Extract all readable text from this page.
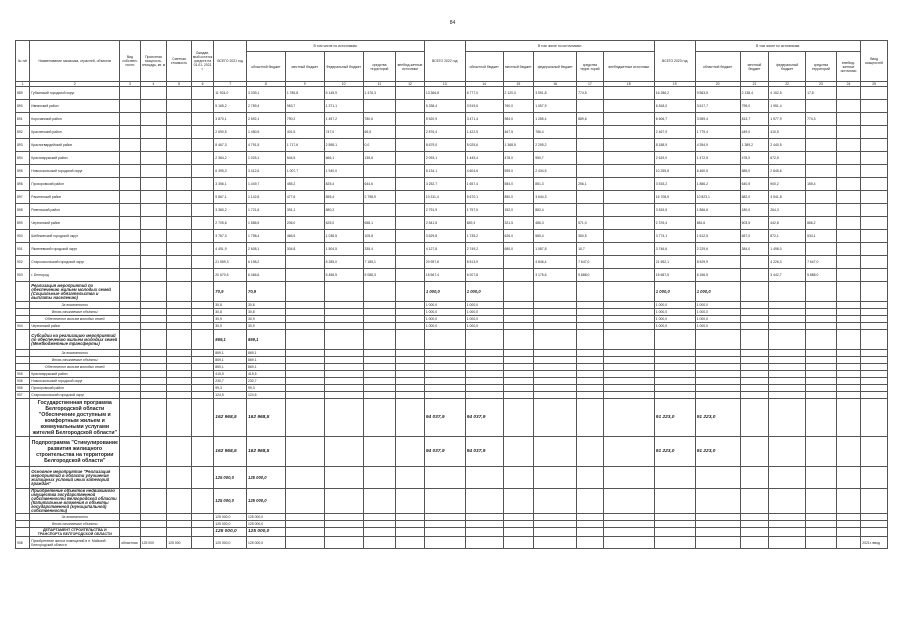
84
№ п/п	Наименование заказчика, отраслей, объектов	Вид собствен-ности	Проектная мощность, площадь, кв. м	Сметная стоимость	Ожидае-мый остаток средств на 01.01. 2021 г.	ВСЕГО 2021 год	В том числе по источникам:					ВСЕГО 2022 год	В том числе по источникам:					ВСЕГО 2023 год	В том числе по источникам:					Ввод мощностей
							областной бюджет	местный бюджет	Федеральный бюджет	средства территорий	внебюд-жетные источники		областной бюджет	местный бюджет	федеральный бюджет	средства терри-торий	внебюджетные источники		областной бюджет	местный бюджет	федеральный бюджет	средства территорий	внебюд-жетные источники	
1	2	3	4	5	6	7	8	9	10	11	12	13	14	15	16	17	18	19	20	21	22	23	24	25
889	Губкинский городской округ					11 924,0	3 339,1	1 785,8	5 145,9	1 476,3		13 366,8	6 777,0	2 120,0	3 591,8	774,5		16 286,2	9 563,5	2 138,4	4 152,5	17,8		
890	Ивнянский район					5 165,2	2 789,4	963,7	1 371,1			5 338,4	3 519,6	760,0	1 057,9			6 818,0	3 617,7	795,0	1 951,4			
891	Корочанский район					3 870,1	2 592,1	790,2	1 457,2	780,6		5 520,9	3 471,4	984,0	1 285,4	889,6		6 606,7	3 559,4	813,7	1 577,9	774,3		
892	Красненский район					2 690,5	1 480,5	401,5	747,0	65,5		2 876,4	1 422,5	467,5	786,4			2 467,9	1 779,4	449,0	410,5			
893	Красногвардейский район					8 467,3	4 791,5	1 717,6	2 598,1	0,0		8 679,0	5 025,6	1 368,5	2 295,2			8 188,9	4 354,9	1 389,2	2 440,5			
894	Краснояружский район					2 384,2	1 025,1	544,5	666,1	135,6		2 093,1	1 445,4	478,0	950,7			2 619,0	1 472,5	478,0	672,5			
895	Новооскольский городской округ					6 395,3	3 412,6	1 007,7	1 940,0			8 134,1	4 604,6	595,0	2 434,5			10 255,8	6 460,5	885,0	2 845,6			
896	Прохоровский район					3 356,1	1 449,7	455,2	825,4	644,6		3 252,7	1 657,4	584,0	851,3	256,1		3 515,2	1 886,2	640,5	900,2	155,4		
897	Ракитянский район					5 867,1	1 142,8	477,6	855,4	2 798,9		10 311,4	5 670,1	850,0	3 644,3			16 708,5	10 823,1	882,0	4 541,8			
898	Ровеньский район					3 380,2	1 721,6	391,1	880,2			2 791,9	1 757,5	152,0	882,4			3 815,5	1 866,6	180,0	264,3			
899	Чернянский район					2 705,6	1 586,5	206,0	625,0	658,1		2 541,5	849,3	321,5	486,3	571,0		2 376,4	681,6	503,5	442,8	866,2		
900	Шебекинский городской округ					3 767,3	1 798,4	466,5	1 038,5	105,8		3 629,8	1 735,2	626,0	580,4	360,5		3 774,1	1 612,5	657,0	872,1	534,1		
901	Яковлевский городской округ					4 451,9	2 608,1	304,8	1 504,5	335,4		4 127,8	2 749,2	680,0	1 087,8	10,7		3 746,6	2 229,6	384,0	1 498,0			
902	Старооскольский городской округ					21 559,3	6 198,2		8 285,0	7 185,1		20 957,6	8 513,9		4 846,4	7 647,0		21 552,1	8 529,9		4 226,3	7 647,0		
903	г. Белгород					20 670,5	6 466,6		5 456,5	5 088,3		15 567,4	6 207,8		3 175,6	5 888,0		15 687,5	6 156,5		3 442,7	5 888,0		
	Реализация мероприятий по обеспечению жильем молодых семей (Социальные обязательства и выплаты населению)					70,9	70,9					1 000,0	1 000,0					1 000,0	1 000,0					
	За возможности					30,8	30,8					1 000,0	1 000,0					1 000,0	1 000,0					
	Вновь начинаемые объекты					30,8	30,8					1 000,0	1 000,0					1 000,0	1 000,0					
	Обеспечение жильем молодых семей					30,9	30,9					1 000,0	1 000,0					1 000,0	1 000,0					
904	Чернянский район					30,9	30,9					1 000,0	1 000,0					1 000,0	1 000,0					
	Субсидии на реализацию мероприятий по обеспечению жильем молодых семей (Межбюджетные трансферты)					869,1	869,1																	
	За возможности					869,1	869,1																	
	Вновь начинаемые объекты					869,1	869,1																	
	Обеспечение жильем молодых семей					869,1	869,1																	
905	Краснояружский район					415,5	415,5																	
906	Новооскольский городской округ					230,7	230,7																	
906	Прохоровский район					99,3	99,3																	
907	Старооскольский городской округ					124,5	124,5																	
	Государственная программа Белгородской области "Обеспечение доступным и комфортным жильем и коммунальными услугами жителей Белгородской области"					162 968,5	162 968,5					94 037,9	94 037,9					91 223,0	91 223,0					
	Подпрограмма "Стимулирование развития жилищного строительства на территории Белгородской области"					162 968,5	162 968,5					94 037,9	94 037,9					91 223,0	91 223,0					
	Основное мероприятие "Реализация мероприятий в области улучшения жилищных условий иных категорий граждан"					125 000,0	125 000,0																	
	Приобретение объектов недвижимого имущества государственной собственности Белгородской области (Капитальные вложения в объекты государственной (муниципальной) собственности)					125 000,0	125 000,0																	
	За возможности					125 000,0	125 000,0																	
	Вновь начинаемые объекты					125 000,0	125 000,0																	
	ДЕПАРТАМЕНТ СТРОИТЕЛЬСТВА И ТРАНСПОРТА БЕЛГОРОДСКОЙ ОБЛАСТИ					125 000,0	125 000,0																	
908	Приобретение жилых помещений в п. Майский Белгородский области	областная	125 000	125 000		125 000,0	125 000,0																	2021г. ввод
